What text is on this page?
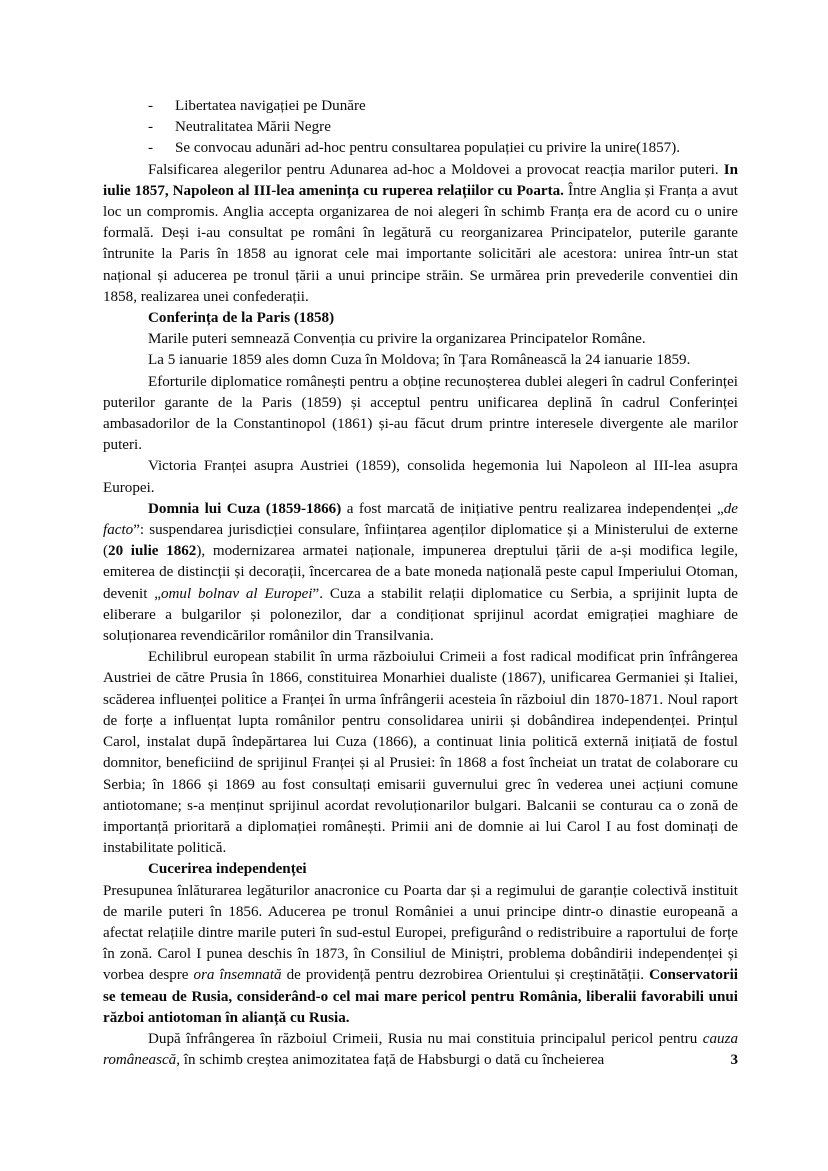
- Libertatea navigației pe Dunăre
- Neutralitatea Mării Negre
- Se convocau adunări ad-hoc pentru consultarea populației cu privire la unire(1857).

Falsificarea alegerilor pentru Adunarea ad-hoc a Moldovei a provocat reacția marilor puteri. In iulie 1857, Napoleon al III-lea amenința cu ruperea relațiilor cu Poarta. Între Anglia și Franța a avut loc un compromis. Anglia accepta organizarea de noi alegeri în schimb Franța era de acord cu o unire formală. Deși i-au consultat pe români în legătură cu reorganizarea Principatelor, puterile garante întrunite la Paris în 1858 au ignorat cele mai importante solicitări ale acestora: unirea într-un stat național și aducerea pe tronul țării a unui principe străin. Se urmărea prin prevederile conventiei din 1858, realizarea unei confederații.

Conferința de la Paris (1858)

Marile puteri semnează Convenția cu privire la organizarea Principatelor Române.

La 5 ianuarie 1859 ales domn Cuza în Moldova; în Țara Românească la 24 ianuarie 1859.

Eforturile diplomatice românești pentru a obține recunoșterea dublei alegeri în cadrul Conferinței puterilor garante de la Paris (1859) și acceptul pentru unificarea deplină în cadrul Conferinței ambasadorilor de la Constantinopol (1861) și-au făcut drum printre interesele divergente ale marilor puteri.

Victoria Franței asupra Austriei (1859), consolida hegemonia lui Napoleon al III-lea asupra Europei.

Domnia lui Cuza (1859-1866) a fost marcată de inițiative pentru realizarea independenței „de facto”: suspendarea jurisdicției consulare, înființarea agenților diplomatice și a Ministerului de externe (20 iulie 1862), modernizarea armatei naționale, impunerea dreptului țării de a-și modifica legile, emiterea de distincții și decorații, încercarea de a bate moneda națională peste capul Imperiului Otoman, devenit „omul bolnav al Europei”. Cuza a stabilit relații diplomatice cu Serbia, a sprijinit lupta de eliberare a bulgarilor și polonezilor, dar a condiționat sprijinul acordat emigrației maghiare de soluționarea revendicărilor românilor din Transilvania.

Echilibrul european stabilit în urma războiului Crimeii a fost radical modificat prin înfrângerea Austriei de către Prusia în 1866, constituirea Monarhiei dualiste (1867), unificarea Germaniei și Italiei, scăderea influenței politice a Franței în urma înfrângerii acesteia în războiul din 1870-1871. Noul raport de forțe a influențat lupta românilor pentru consolidarea unirii și dobândirea independenței. Prințul Carol, instalat după îndepărtarea lui Cuza (1866), a continuat linia politică externă inițiată de fostul domnitor, beneficiind de sprijinul Franței și al Prusiei: în 1868 a fost încheiat un tratat de colaborare cu Serbia; în 1866 și 1869 au fost consultați emisarii guvernului grec în vederea unei acțiuni comune antiotomane; s-a menținut sprijinul acordat revoluționarilor bulgari. Balcanii se conturau ca o zonă de importanță prioritară a diplomației românești. Primii ani de domnie ai lui Carol I au fost dominați de instabilitate politică.

Cucerirea independenței

Presupunea înlăturarea legăturilor anacronice cu Poarta dar și a regimului de garanție colectivă instituit de marile puteri în 1856. Aducerea pe tronul României a unui principe dintr-o dinastie europeană a afectat relațiile dintre marile puteri în sud-estul Europei, prefigurând o redistribuire a raportului de forțe în zonă. Carol I punea deschis în 1873, în Consiliul de Miniștri, problema dobândirii independenței și vorbea despre ora însemnată de providență pentru dezrobirea Orientului și creștinătății. Conservatorii se temeau de Rusia, considerând-o cel mai mare pericol pentru România, liberalii favorabili unui război antiotoman în alianță cu Rusia.

După înfrângerea în războiul Crimeii, Rusia nu mai constituia principalul pericol pentru cauza românească, în schimb creștea animozitatea față de Habsburgi o dată cu încheierea	3
